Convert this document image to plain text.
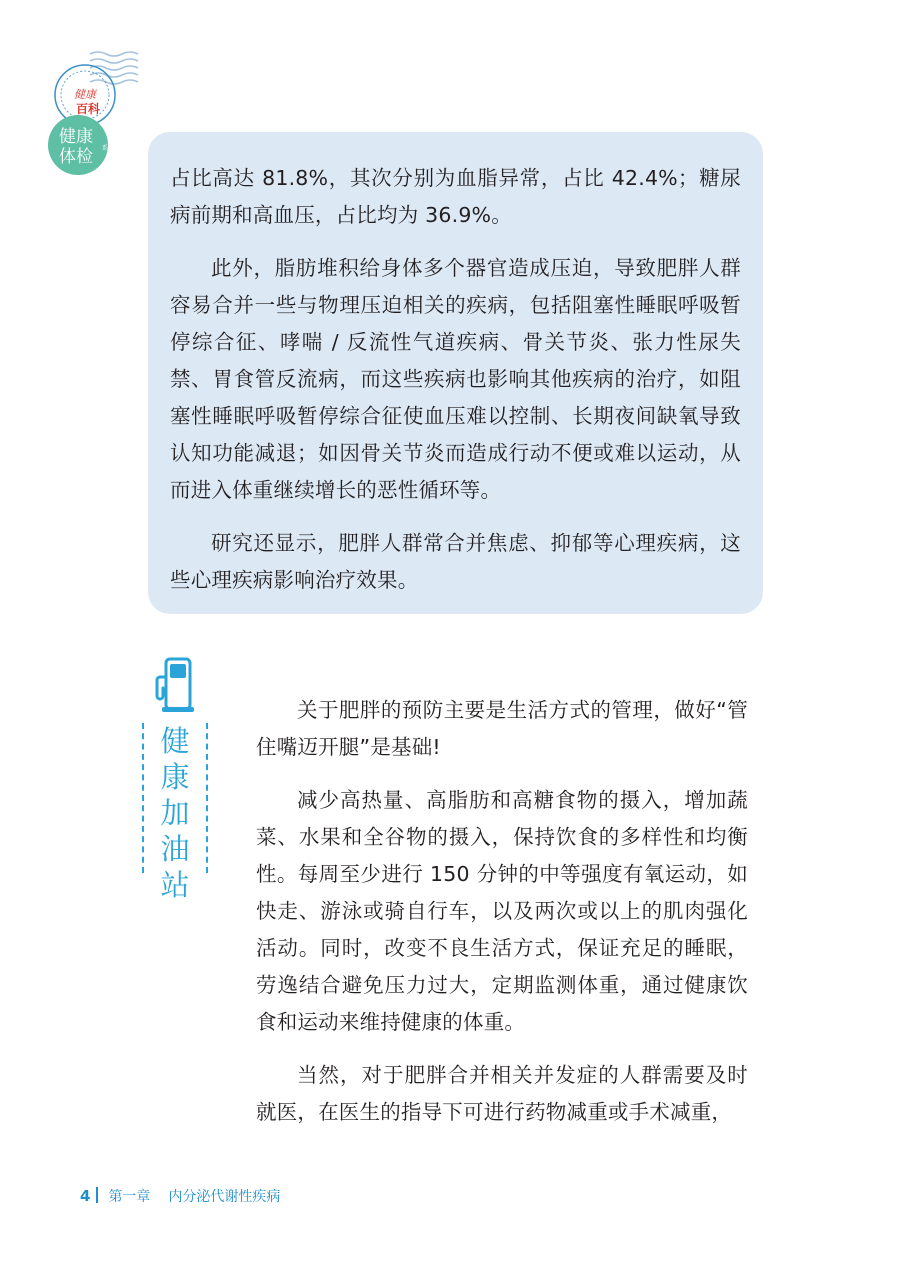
健康
百科
健康
体检 系列

占比高达 81.8%，其次分别为血脂异常，占比 42.4%；糖尿病前期和高血压，占比均为 36.9%。

此外，脂肪堆积给身体多个器官造成压迫，导致肥胖人群容易合并一些与物理压迫相关的疾病，包括阻塞性睡眠呼吸暂停综合征、哮喘 / 反流性气道疾病、骨关节炎、张力性尿失禁、胃食管反流病，而这些疾病也影响其他疾病的治疗，如阻塞性睡眠呼吸暂停综合征使血压难以控制、长期夜间缺氧导致认知功能减退；如因骨关节炎而造成行动不便或难以运动，从而进入体重继续增长的恶性循环等。

研究还显示，肥胖人群常合并焦虑、抑郁等心理疾病，这些心理疾病影响治疗效果。

健
康
加
油
站

关于肥胖的预防主要是生活方式的管理，做好“管住嘴迈开腿”是基础!

减少高热量、高脂肪和高糖食物的摄入，增加蔬菜、水果和全谷物的摄入，保持饮食的多样性和均衡性。每周至少进行 150 分钟的中等强度有氧运动，如快走、游泳或骑自行车，以及两次或以上的肌肉强化活动。同时，改变不良生活方式，保证充足的睡眠，劳逸结合避免压力过大，定期监测体重，通过健康饮食和运动来维持健康的体重。

当然，对于肥胖合并相关并发症的人群需要及时就医，在医生的指导下可进行药物减重或手术减重，

4 第一章 内分泌代谢性疾病
